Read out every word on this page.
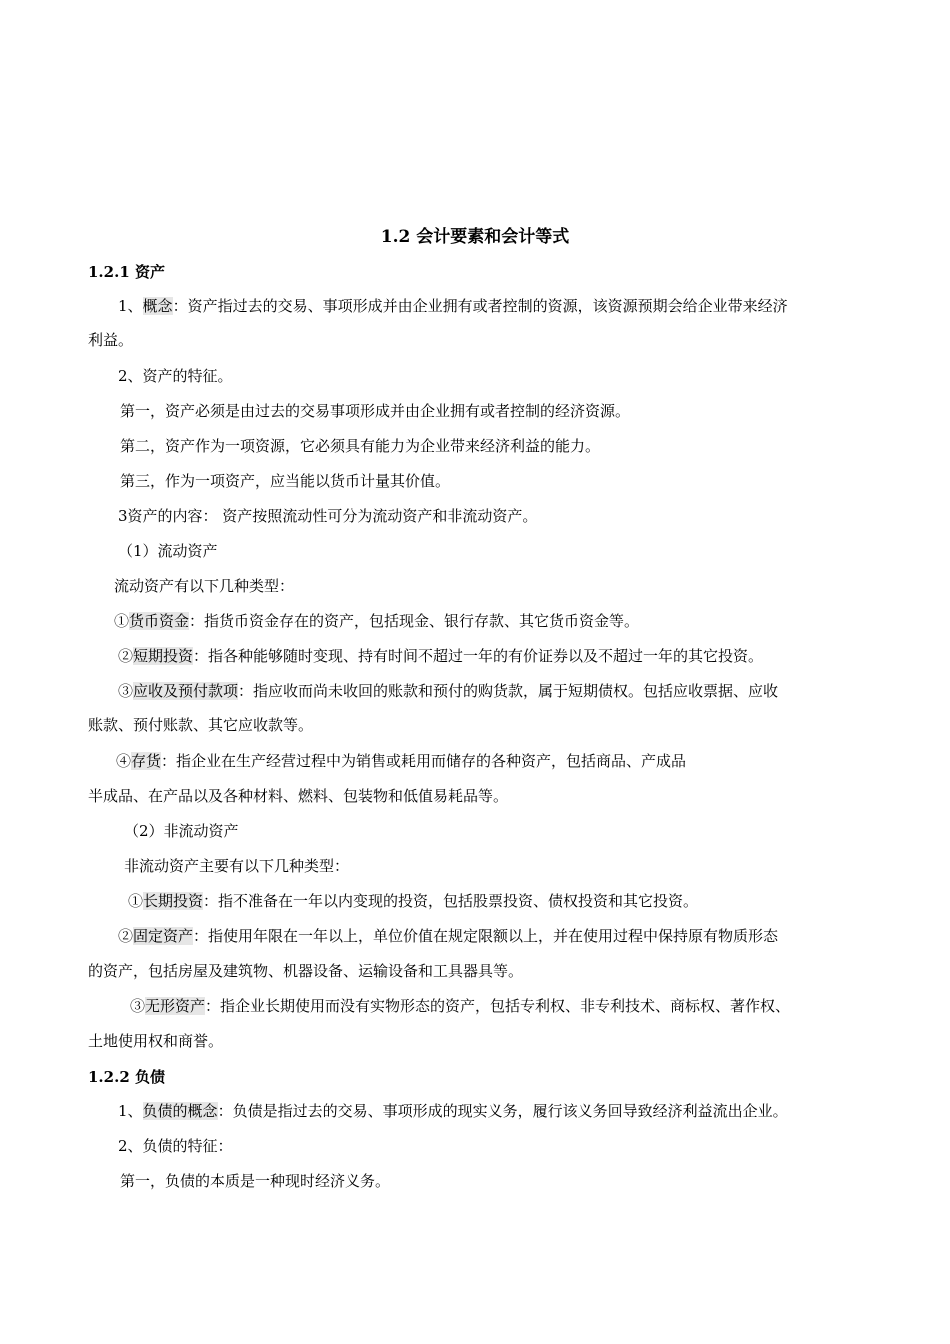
1.2 会计要素和会计等式
1.2.1 资产
1、概念：资产指过去的交易、事项形成并由企业拥有或者控制的资源，该资源预期会给企业带来经济
利益。
2、资产的特征。
第一，资产必须是由过去的交易事项形成并由企业拥有或者控制的经济资源。
第二，资产作为一项资源，它必须具有能力为企业带来经济利益的能力。
第三，作为一项资产，应当能以货币计量其价值。
3资产的内容： 资产按照流动性可分为流动资产和非流动资产。
（1）流动资产
流动资产有以下几种类型：
①货币资金：指货币资金存在的资产，包括现金、银行存款、其它货币资金等。
②短期投资：指各种能够随时变现、持有时间不超过一年的有价证券以及不超过一年的其它投资。
③应收及预付款项：指应收而尚未收回的账款和预付的购货款，属于短期债权。包括应收票据、应收
账款、预付账款、其它应收款等。
④存货：指企业在生产经营过程中为销售或耗用而储存的各种资产，包括商品、产成品
半成品、在产品以及各种材料、燃料、包装物和低值易耗品等。
（2）非流动资产
非流动资产主要有以下几种类型：
①长期投资：指不准备在一年以内变现的投资，包括股票投资、债权投资和其它投资。
②固定资产：指使用年限在一年以上，单位价值在规定限额以上，并在使用过程中保持原有物质形态
的资产，包括房屋及建筑物、机器设备、运输设备和工具器具等。
③无形资产：指企业长期使用而没有实物形态的资产，包括专利权、非专利技术、商标权、著作权、
土地使用权和商誉。
1.2.2 负债
1、负债的概念：负债是指过去的交易、事项形成的现实义务，履行该义务回导致经济利益流出企业。
2、负债的特征：
第一，负债的本质是一种现时经济义务。
